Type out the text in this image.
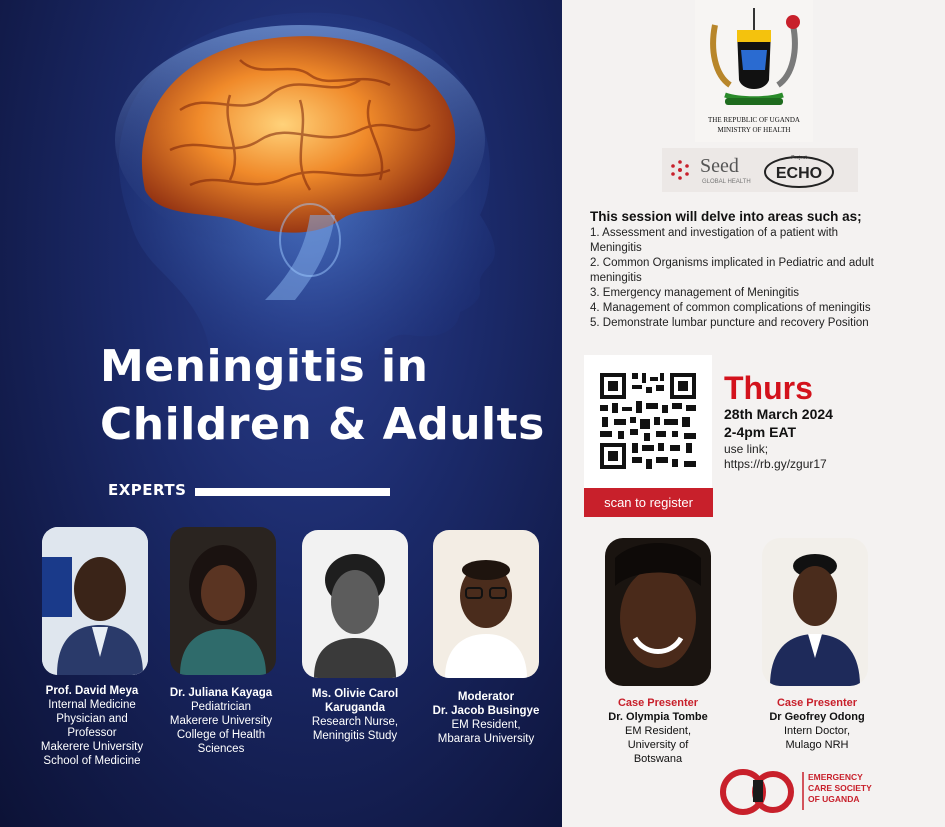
Meningitis in
Children & Adults
EXPERTS
Prof. David Meya
Internal Medicine
Physician and
Professor
Makerere University
School of Medicine
Dr. Juliana Kayaga
Pediatrician
Makerere University
College of Health
Sciences
Ms. Olivie Carol
Karuganda
Research Nurse,
Meningitis Study
Moderator
Dr. Jacob Busingye
EM Resident,
Mbarara University
THE REPUBLIC OF UGANDA
MINISTRY OF HEALTH
Seed
GLOBAL HEALTH
Project
ECHO
This session will delve into areas such as;
1. Assessment and investigation of a patient with
Meningitis
2. Common Organisms implicated in Pediatric and adult
meningitis
3. Emergency management of Meningitis
4. Management of common complications of meningitis
5. Demonstrate lumbar puncture and recovery Position
scan to register
Thurs
28th March 2024
2-4pm EAT
use link;
https://rb.gy/zgur17
Case Presenter
Dr. Olympia Tombe
EM Resident,
University of
Botswana
Case Presenter
Dr Geofrey Odong
Intern Doctor,
Mulago NRH
EMERGENCY
CARE SOCIETY
OF UGANDA
